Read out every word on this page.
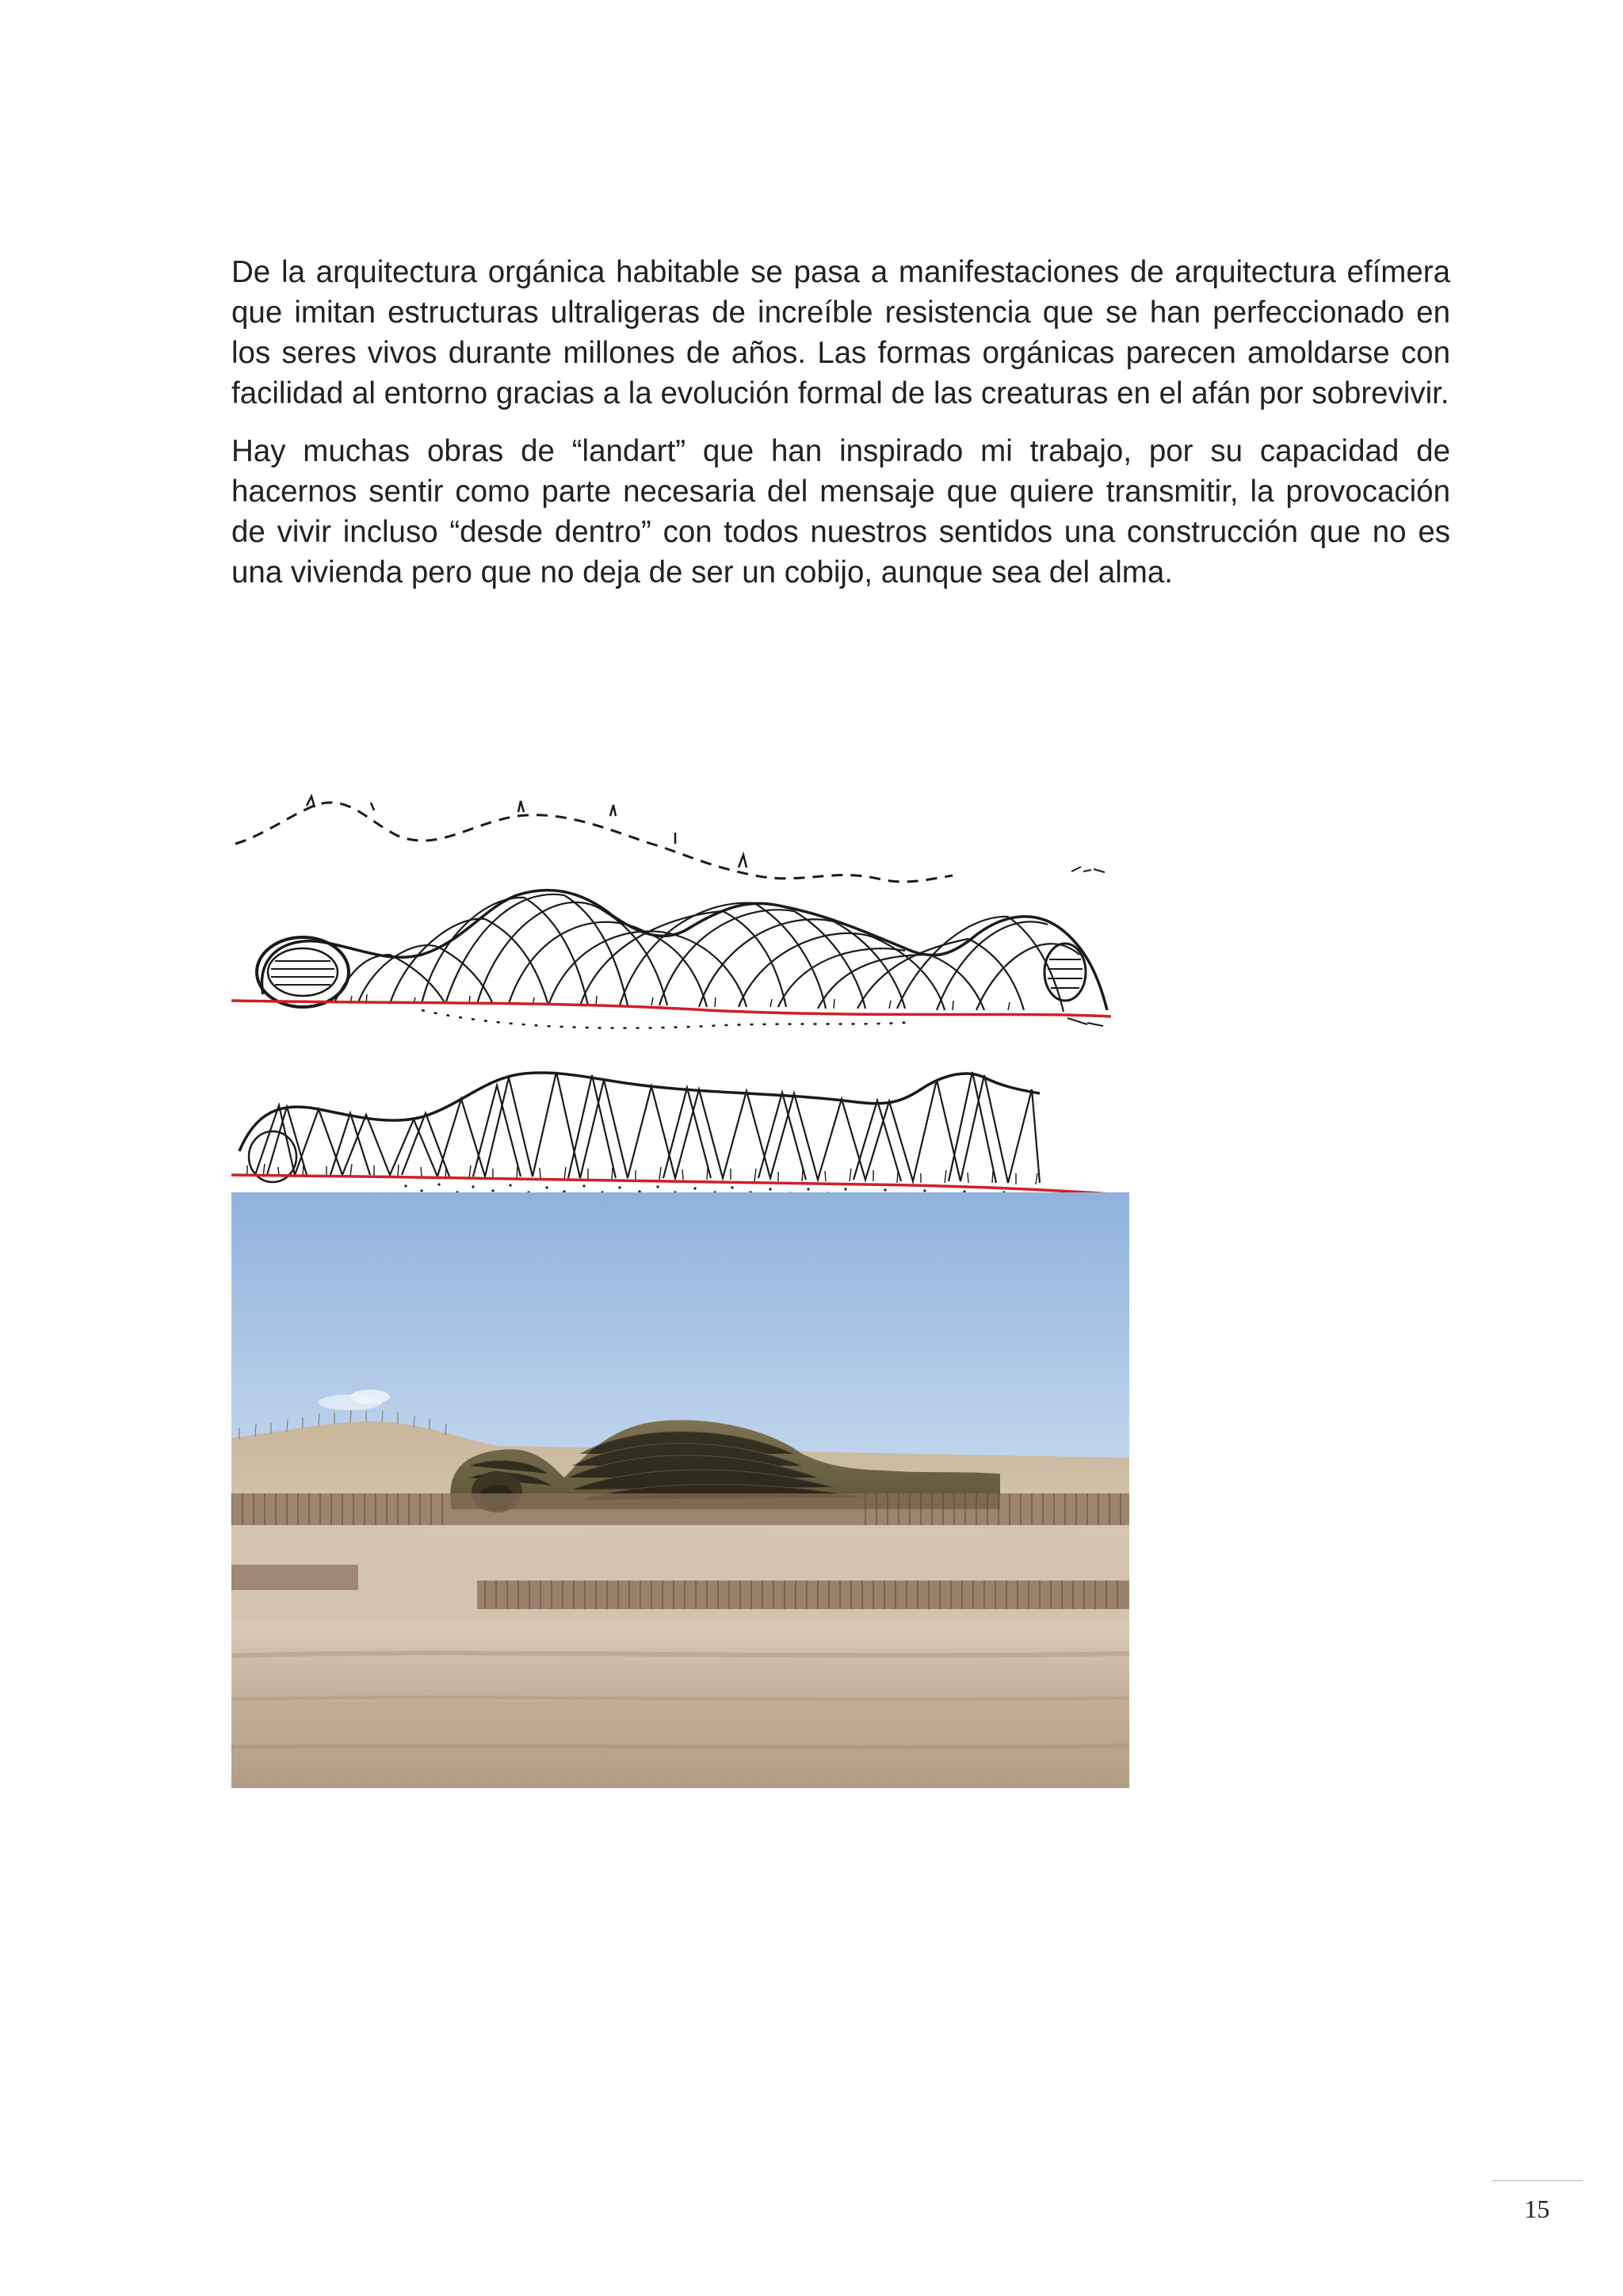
De la arquitectura orgánica habitable se pasa a manifestaciones de arquitectura efímera que imitan estructuras ultraligeras de increíble resistencia que se han perfeccionado en los seres vivos durante millones de años. Las formas orgánicas parecen amoldarse con facilidad al entorno gracias a la evolución formal de las creaturas en el afán por sobrevivir.

Hay muchas obras de “landart” que han inspirado mi trabajo, por su capacidad de hacernos sentir como parte necesaria del mensaje que quiere transmitir, la provocación de vivir incluso “desde dentro” con todos nuestros sentidos una construcción que no es una vivienda pero que no deja de ser un cobijo, aunque sea del alma.

15
